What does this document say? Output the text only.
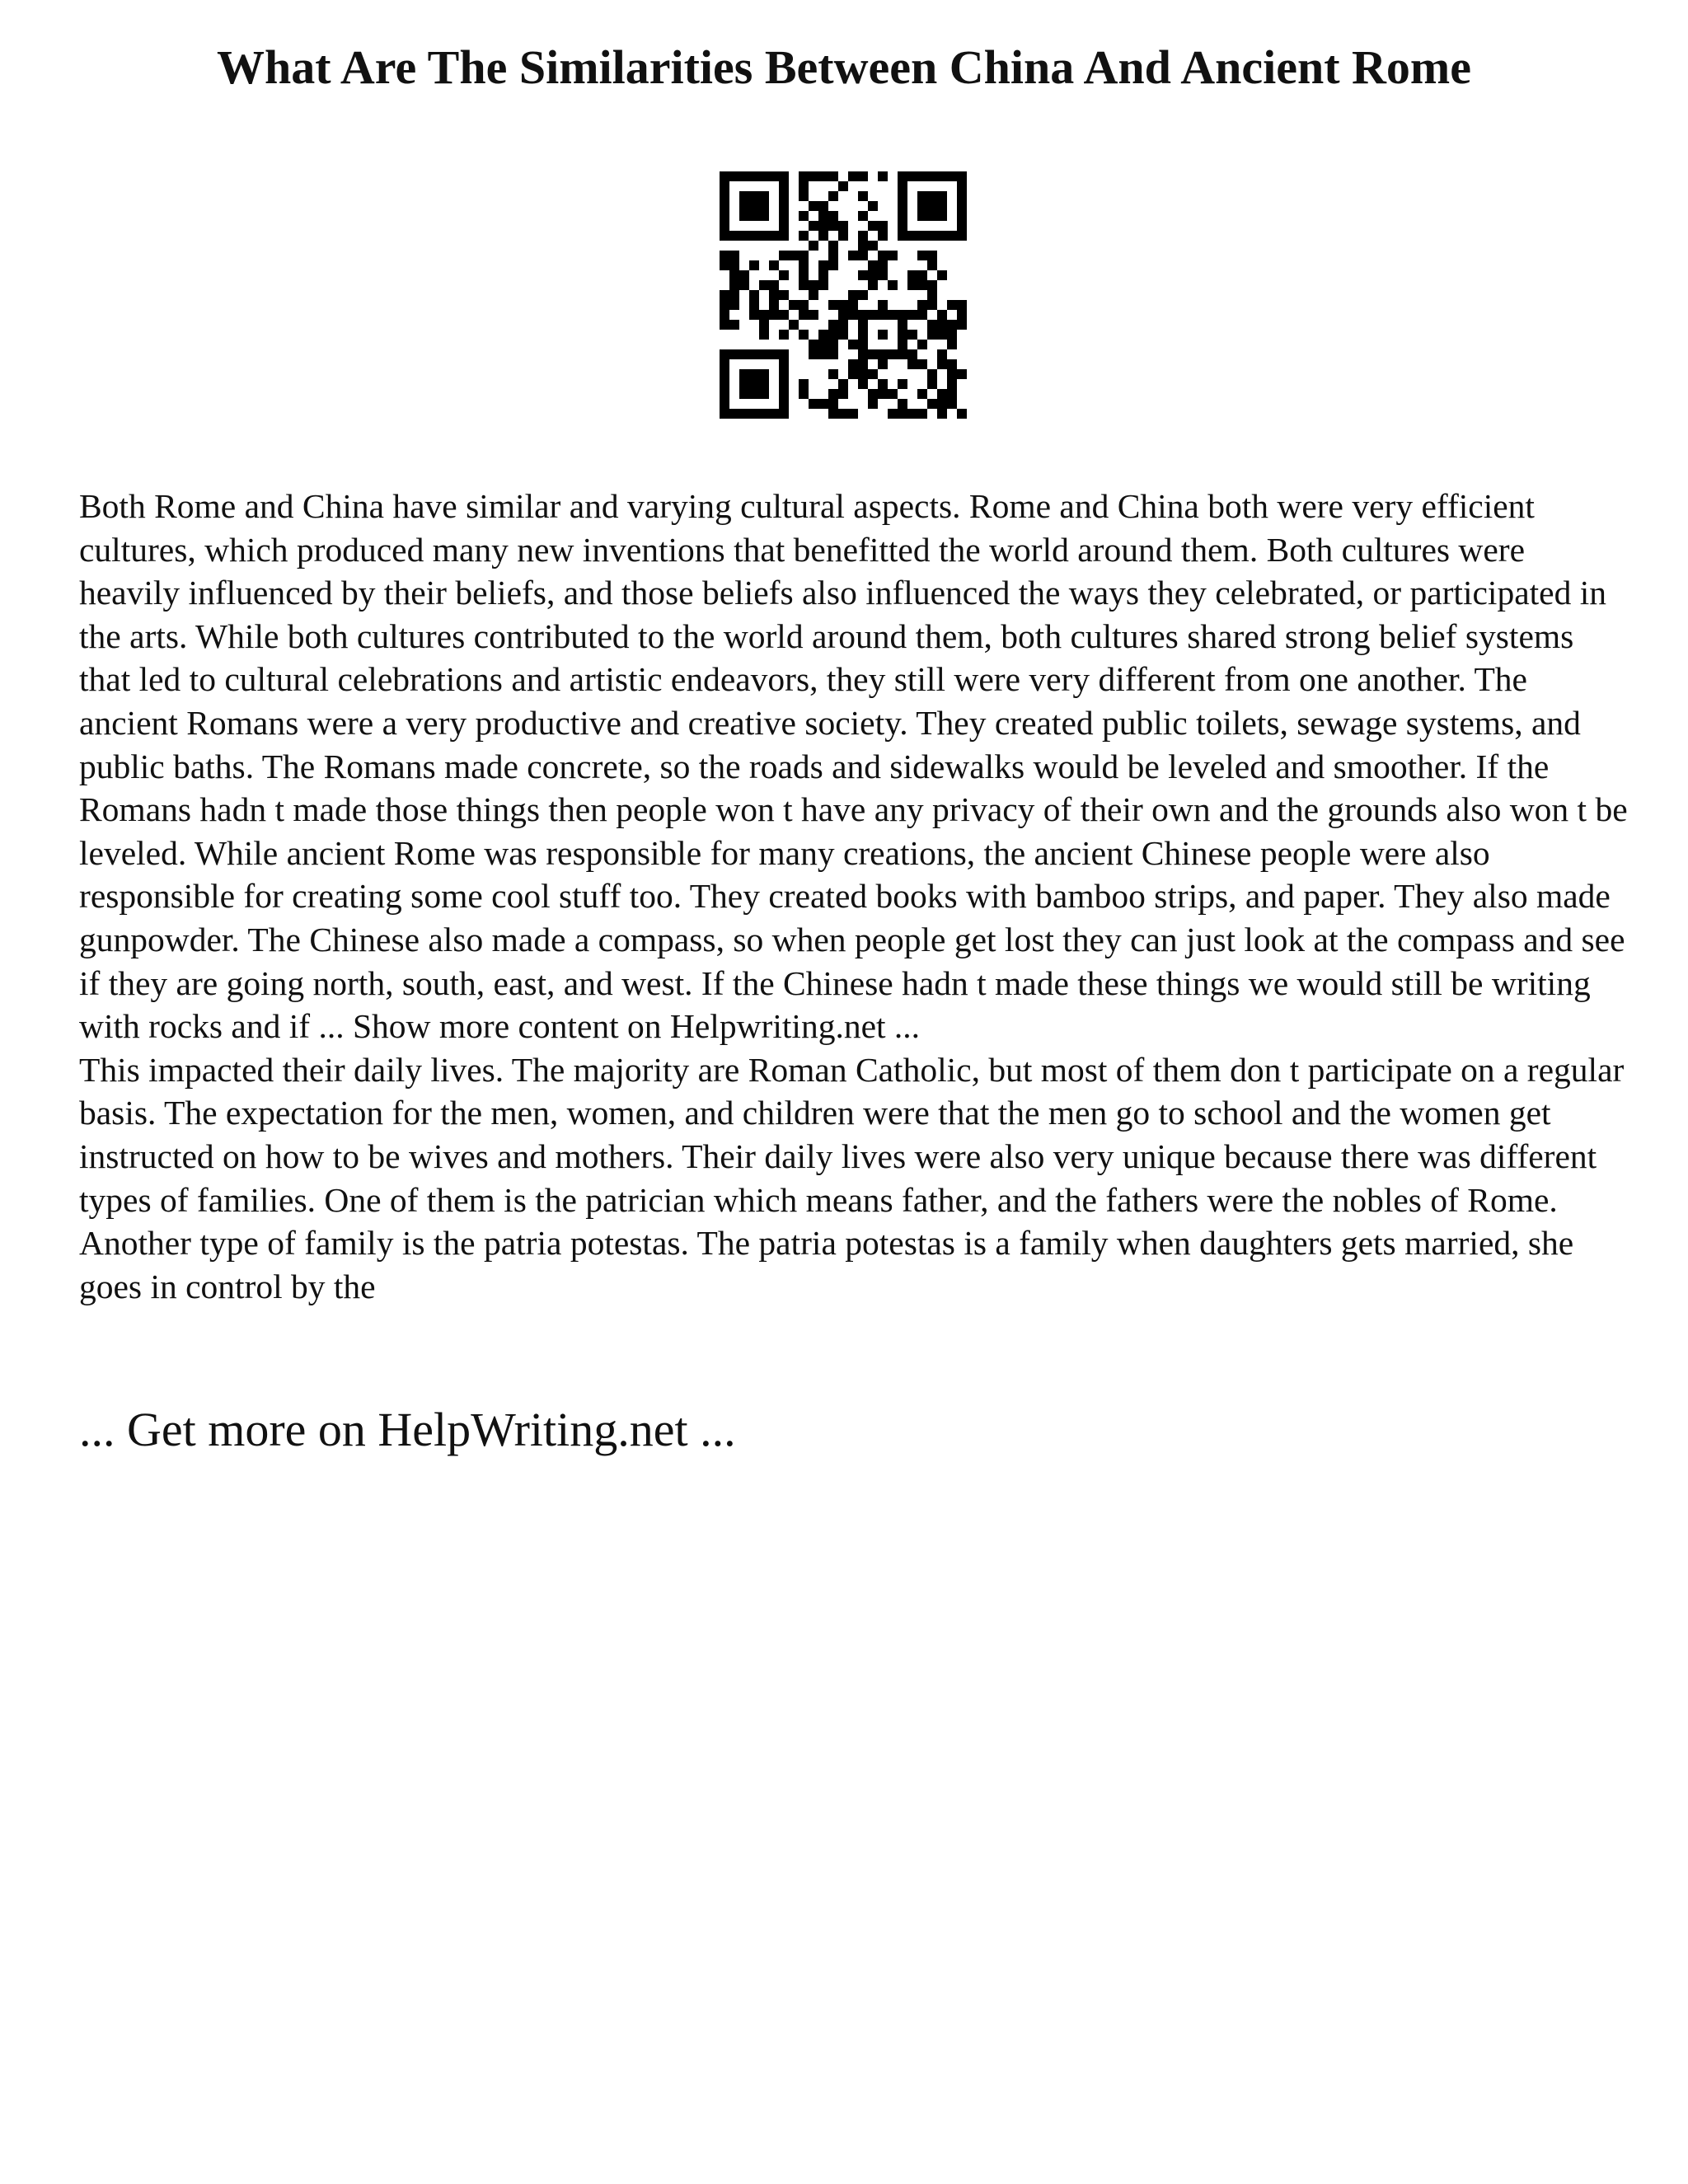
What Are The Similarities Between China And Ancient Rome

Both Rome and China have similar and varying cultural aspects. Rome and China both were very efficient cultures, which produced many new inventions that benefitted the world around them. Both cultures were heavily influenced by their beliefs, and those beliefs also influenced the ways they celebrated, or participated in the arts. While both cultures contributed to the world around them, both cultures shared strong belief systems that led to cultural celebrations and artistic endeavors, they still were very different from one another. The ancient Romans were a very productive and creative society. They created public toilets, sewage systems, and public baths. The Romans made concrete, so the roads and sidewalks would be leveled and smoother. If the Romans hadn t made those things then people won t have any privacy of their own and the grounds also won t be leveled. While ancient Rome was responsible for many creations, the ancient Chinese people were also responsible for creating some cool stuff too. They created books with bamboo strips, and paper. They also made gunpowder. The Chinese also made a compass, so when people get lost they can just look at the compass and see if they are going north, south, east, and west. If the Chinese hadn t made these things we would still be writing with rocks and if ... Show more content on Helpwriting.net ...

This impacted their daily lives. The majority are Roman Catholic, but most of them don t participate on a regular basis. The expectation for the men, women, and children were that the men go to school and the women get instructed on how to be wives and mothers. Their daily lives were also very unique because there was different types of families. One of them is the patrician which means father, and the fathers were the nobles of Rome. Another type of family is the patria potestas. The patria potestas is a family when daughters gets married, she goes in control by the

... Get more on HelpWriting.net ...
